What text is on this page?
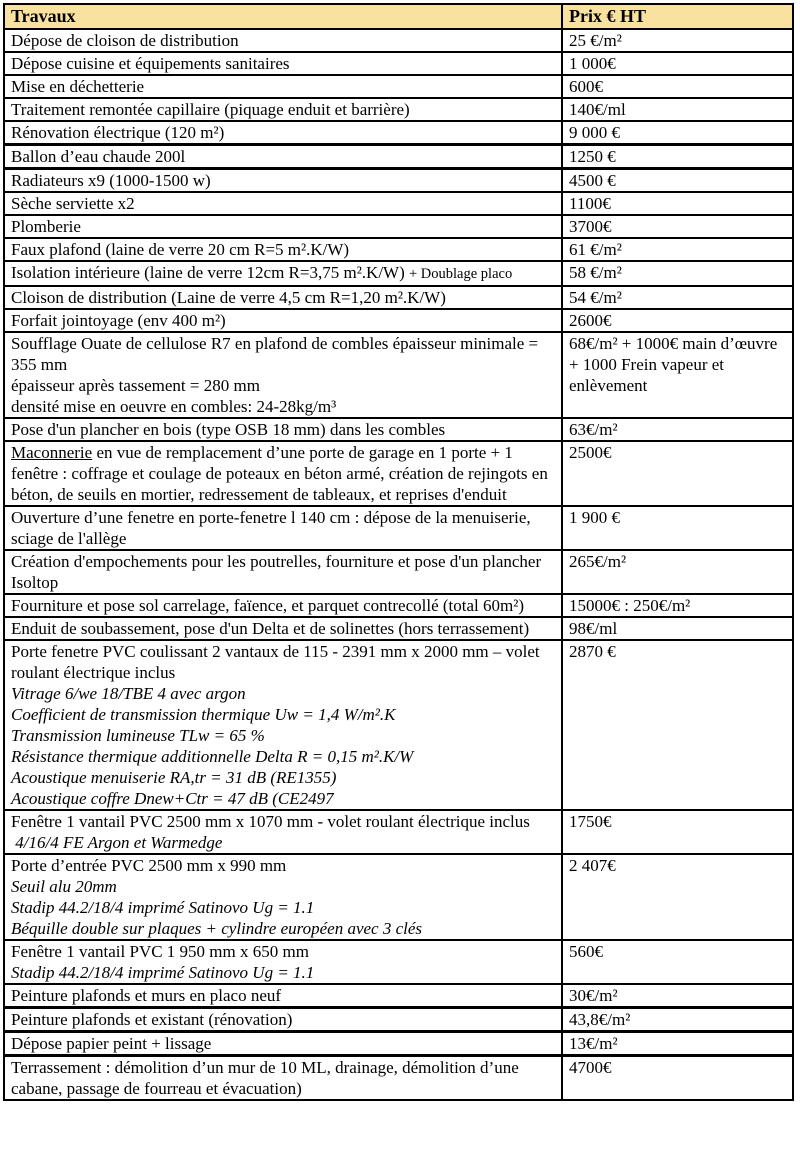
Travaux	Prix € HT

Dépose de cloison de distribution	25 €/m²

Dépose cuisine et équipements sanitaires	1 000€

Mise en déchetterie	600€

Traitement remontée capillaire (piquage enduit et barrière)	140€/ml

Rénovation électrique (120 m²)	9 000 €

Ballon d’eau chaude 200l	1250 €

Radiateurs x9 (1000-1500 w)	4500 €

Sèche serviette x2	1100€

Plomberie	3700€

Faux plafond (laine de verre 20 cm R=5 m².K/W)	61 €/m²

Isolation intérieure (laine de verre 12cm R=3,75 m².K/W) + Doublage placo	58 €/m²

Cloison de distribution (Laine de verre 4,5 cm R=1,20 m².K/W)	54 €/m²

Forfait jointoyage (env 400 m²)	2600€

Soufflage Ouate de cellulose R7 en plafond de combles épaisseur minimale = 355 mm
épaisseur après tassement = 280 mm
densité mise en oeuvre en combles: 24-28kg/m³	68€/m² + 1000€ main d’œuvre + 1000 Frein vapeur et enlèvement

Pose d'un plancher en bois (type OSB 18 mm) dans les combles	63€/m²

Maconnerie en vue de remplacement d’une porte de garage en 1 porte + 1 fenêtre : coffrage et coulage de poteaux en béton armé, création de rejingots en béton, de seuils en mortier, redressement de tableaux, et reprises d'enduit	2500€

Ouverture d’une fenetre en porte-fenetre l 140 cm : dépose de la menuiserie, sciage de l'allège	1 900 €

Création d'empochements pour les poutrelles, fourniture et pose d'un plancher Isoltop	265€/m²

Fourniture et pose sol carrelage, faïence, et parquet contrecollé (total 60m²)	15000€ : 250€/m²

Enduit de soubassement, pose d'un Delta et de solinettes (hors terrassement)	98€/ml

Porte fenetre PVC coulissant 2 vantaux de 115 - 2391 mm x 2000 mm – volet roulant électrique inclus
Vitrage 6/we 18/TBE 4 avec argon
Coefficient de transmission thermique Uw = 1,4 W/m².K
Transmission lumineuse TLw = 65 %
Résistance thermique additionnelle Delta R = 0,15 m².K/W
Acoustique menuiserie RA,tr = 31 dB (RE1355)
Acoustique coffre Dnew+Ctr = 47 dB (CE2497
	2870 €

Fenêtre 1 vantail PVC 2500 mm x 1070 mm - volet roulant électrique inclus
4/16/4 FE Argon et Warmedge	1750€

Porte d’entrée PVC 2500 mm x 990 mm
Seuil alu 20mm
Stadip 44.2/18/4 imprimé Satinovo Ug = 1.1
Béquille double sur plaques + cylindre européen avec 3 clés	2 407€

Fenêtre 1 vantail PVC 1 950 mm x 650 mm
Stadip 44.2/18/4 imprimé Satinovo Ug = 1.1	560€

Peinture plafonds et murs en placo neuf	30€/m²

Peinture plafonds et existant (rénovation)	43,8€/m²

Dépose papier peint + lissage	13€/m²

Terrassement : démolition d’un mur de 10 ML, drainage, démolition d’une cabane, passage de fourreau et évacuation)	4700€
